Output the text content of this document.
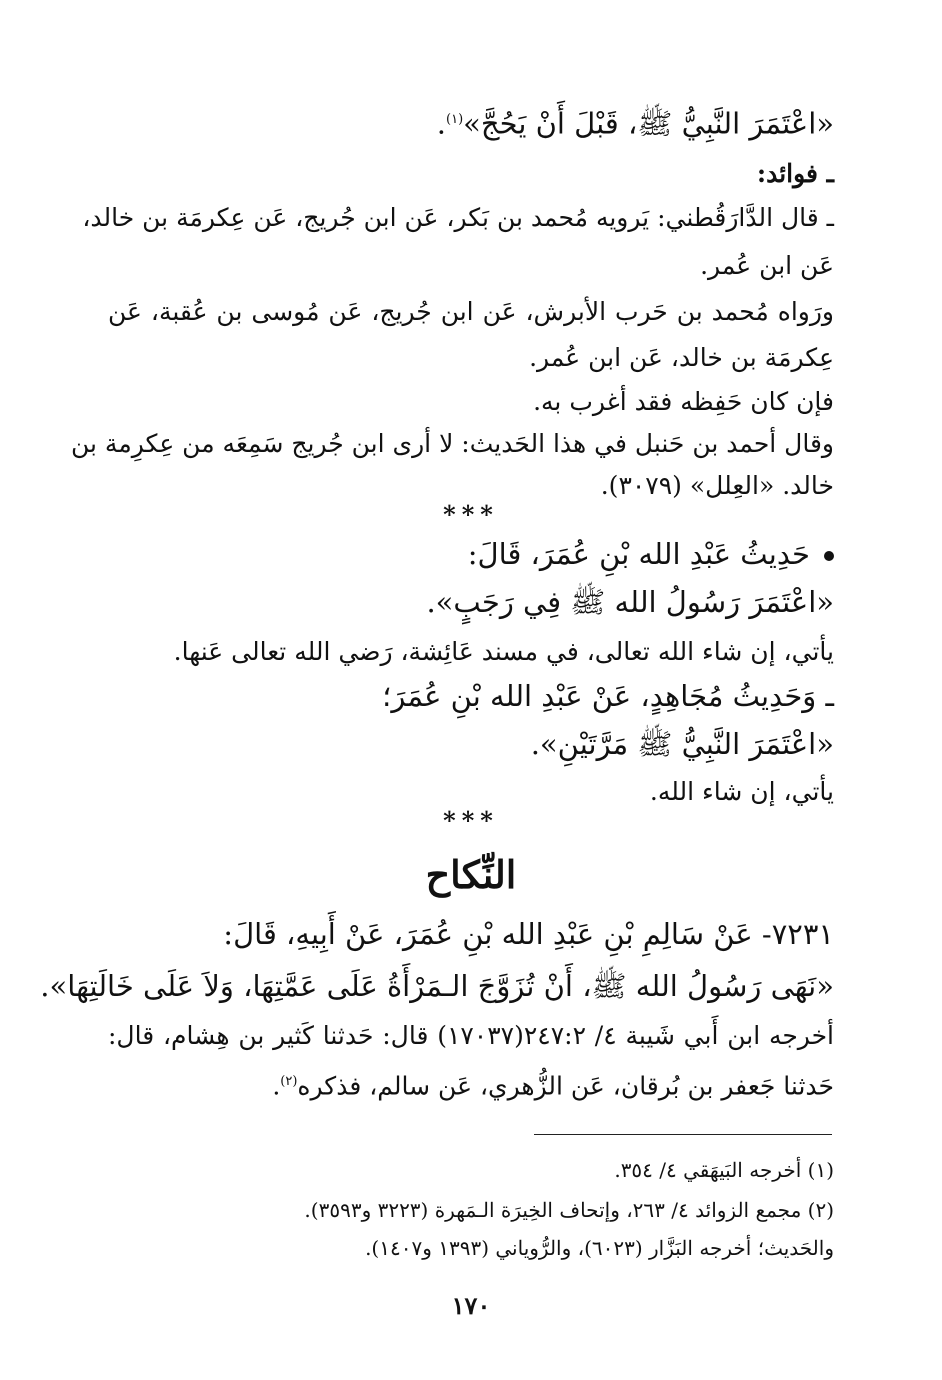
«اعْتَمَرَ النَّبِيُّ ﷺ، قَبْلَ أَنْ يَحُجَّ»$^{(١)}$.
ـ فوائد:
ـ قال الدَّارَقُطني: يَرويه مُحمد بن بَكر، عَن ابن جُريج، عَن عِكرمَة بن خالد،
عَن ابن عُمر.
ورَواه مُحمد بن حَرب الأبرش، عَن ابن جُريج، عَن مُوسى بن عُقبة، عَن
عِكرمَة بن خالد، عَن ابن عُمر.
فإن كان حَفِظه فقد أغرب به.
وقال أحمد بن حَنبل في هذا الحَديث: لا أرى ابن جُريج سَمِعَه من عِكرِمة بن
خالد. «العِلل» (٣٠٧٩).
***
حَدِيثُ عَبْدِ الله بْنِ عُمَرَ، قَالَ:
«اعْتَمَرَ رَسُولُ الله ﷺ فِي رَجَبٍ».
يأتي، إن شاء الله تعالى، في مسند عَائِشة، رَضي الله تعالى عَنها.
ـ وَحَدِيثُ مُجَاهِدٍ، عَنْ عَبْدِ الله بْنِ عُمَرَ؛
«اعْتَمَرَ النَّبِيُّ ﷺ مَرَّتَيْنِ».
يأتي، إن شاء الله.
***
النِّكاح
٧٢٣١- عَنْ سَالِمِ بْنِ عَبْدِ الله بْنِ عُمَرَ، عَنْ أَبِيهِ، قَالَ:
«نَهَى رَسُولُ الله ﷺ، أَنْ تُزَوَّجَ الـمَرْأَةُ عَلَى عَمَّتِهَا، وَلاَ عَلَى خَالَتِهَا».
أخرجه ابن أَبي شَيبة ٤/ ٢٤٧:٢(١٧٠٣٧) قال: حَدثنا كَثير بن هِشام، قال:
حَدثنا جَعفر بن بُرقان، عَن الزُّهري، عَن سالم، فذكره$^{(٢)}$.
(١) أخرجه البَيهَقي ٤/ ٣٥٤.
(٢) مجمع الزوائد ٤/ ٢٦٣، وإتحاف الخِيرَة الـمَهرة (٣٢٢٣ و٣٥٩٣).
والحَديث؛ أخرجه البَزَّار (٦٠٢٣)، والرُّوياني (١٣٩٣ و١٤٠٧).
١٧٠
